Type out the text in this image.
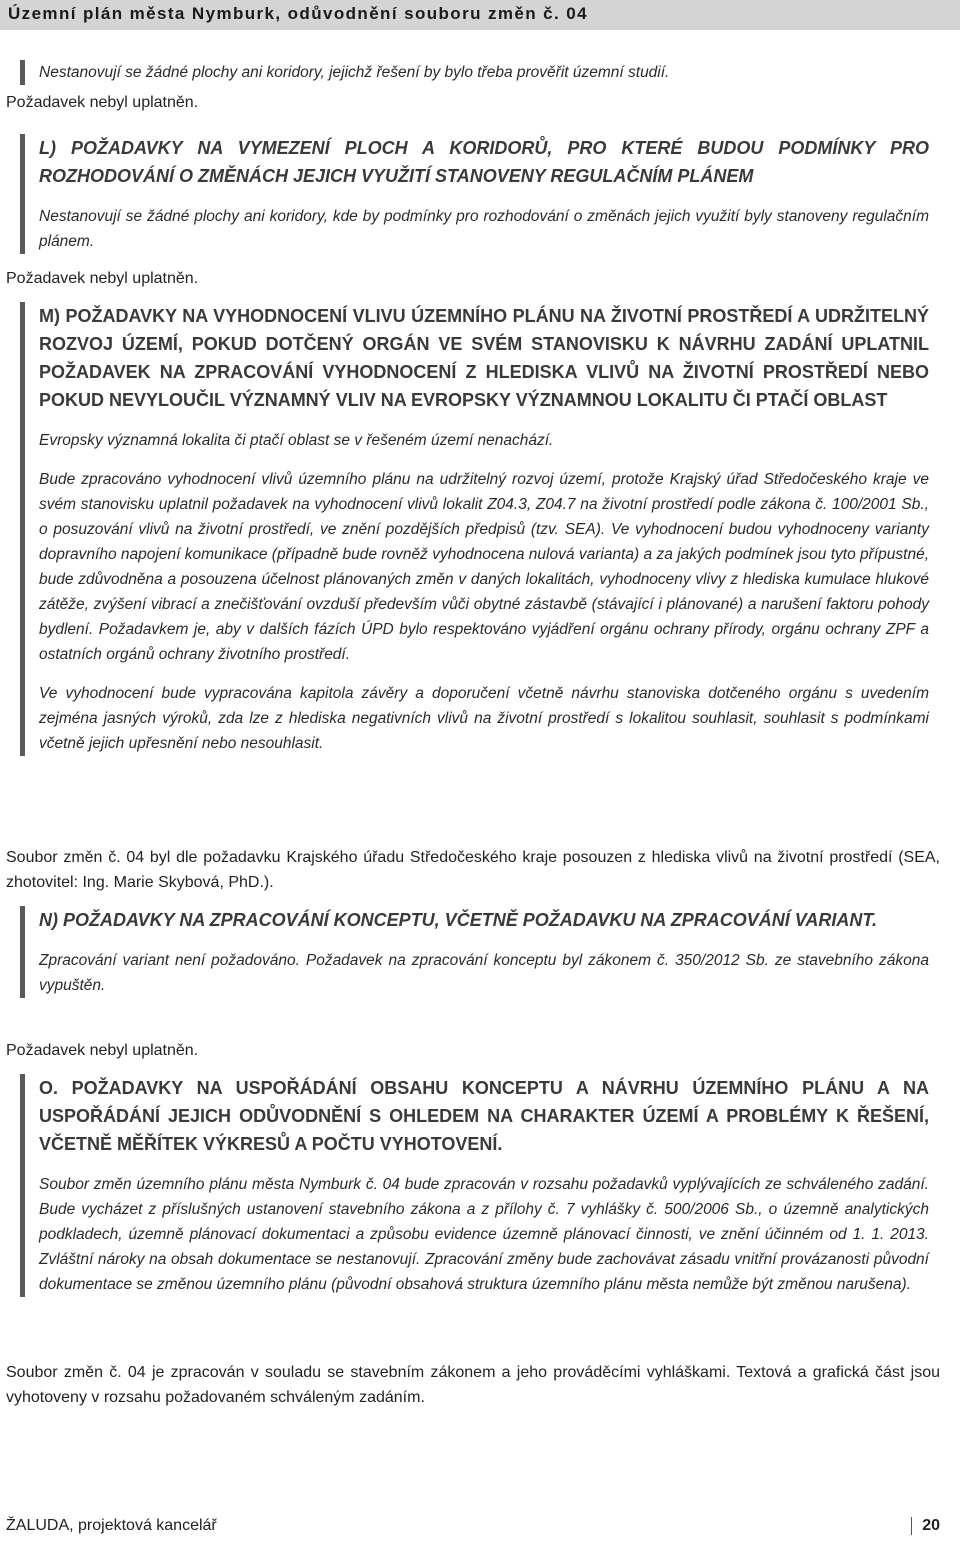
Územní plán města Nymburk, odůvodnění souboru změn č. 04

Nestanovují se žádné plochy ani koridory, jejichž řešení by bylo třeba prověřit územní studií.

Požadavek nebyl uplatněn.

L) POŽADAVKY NA VYMEZENÍ PLOCH A KORIDORŮ, PRO KTERÉ BUDOU PODMÍNKY PRO ROZHODOVÁNÍ O ZMĚNÁCH JEJICH VYUŽITÍ STANOVENY REGULAČNÍM PLÁNEM

Nestanovují se žádné plochy ani koridory, kde by podmínky pro rozhodování o změnách jejich využití byly stanoveny regulačním plánem.

Požadavek nebyl uplatněn.

M) POŽADAVKY NA VYHODNOCENÍ VLIVU ÚZEMNÍHO PLÁNU NA ŽIVOTNÍ PROSTŘEDÍ A UDRŽITELNÝ ROZVOJ ÚZEMÍ, POKUD DOTČENÝ ORGÁN VE SVÉM STANOVISKU K NÁVRHU ZADÁNÍ UPLATNIL POŽADAVEK NA ZPRACOVÁNÍ VYHODNOCENÍ Z HLEDISKA VLIVŮ NA ŽIVOTNÍ PROSTŘEDÍ NEBO POKUD NEVYLOUČIL VÝZNAMNÝ VLIV NA EVROPSKY VÝZNAMNOU LOKALITU ČI PTAČÍ OBLAST

Evropsky významná lokalita či ptačí oblast se v řešeném území nenachází.

Bude zpracováno vyhodnocení vlivů územního plánu na udržitelný rozvoj území, protože Krajský úřad Středočeského kraje ve svém stanovisku uplatnil požadavek na vyhodnocení vlivů lokalit Z04.3, Z04.7 na životní prostředí podle zákona č. 100/2001 Sb., o posuzování vlivů na životní prostředí, ve znění pozdějších předpisů (tzv. SEA). Ve vyhodnocení budou vyhodnoceny varianty dopravního napojení komunikace (případně bude rovněž vyhodnocena nulová varianta) a za jakých podmínek jsou tyto přípustné, bude zdůvodněna a posouzena účelnost plánovaných změn v daných lokalitách, vyhodnoceny vlivy z hlediska kumulace hlukové zátěže, zvýšení vibrací a znečišťování ovzduší především vůči obytné zástavbě (stávající i plánované) a narušení faktoru pohody bydlení. Požadavkem je, aby v dalších fázích ÚPD bylo respektováno vyjádření orgánu ochrany přírody, orgánu ochrany ZPF a ostatních orgánů ochrany životního prostředí.

Ve vyhodnocení bude vypracována kapitola závěry a doporučení včetně návrhu stanoviska dotčeného orgánu s uvedením zejména jasných výroků, zda lze z hlediska negativních vlivů na životní prostředí s lokalitou souhlasit, souhlasit s podmínkami včetně jejich upřesnění nebo nesouhlasit.

Soubor změn č. 04 byl dle požadavku Krajského úřadu Středočeského kraje posouzen z hlediska vlivů na životní prostředí (SEA, zhotovitel: Ing. Marie Skybová, PhD.).

N) POŽADAVKY NA ZPRACOVÁNÍ KONCEPTU, VČETNĚ POŽADAVKU NA ZPRACOVÁNÍ VARIANT.

Zpracování variant není požadováno. Požadavek na zpracování konceptu byl zákonem č. 350/2012 Sb. ze stavebního zákona vypuštěn.

Požadavek nebyl uplatněn.

O. POŽADAVKY NA USPOŘÁDÁNÍ OBSAHU KONCEPTU A NÁVRHU ÚZEMNÍHO PLÁNU A NA USPOŘÁDÁNÍ JEJICH ODŮVODNĚNÍ S OHLEDEM NA CHARAKTER ÚZEMÍ A PROBLÉMY K ŘEŠENÍ, VČETNĚ MĚŘÍTEK VÝKRESŮ A POČTU VYHOTOVENÍ.

Soubor změn územního plánu města Nymburk č. 04 bude zpracován v rozsahu požadavků vyplývajících ze schváleného zadání. Bude vycházet z příslušných ustanovení stavebního zákona a z přílohy č. 7 vyhlášky č. 500/2006 Sb., o územně analytických podkladech, územně plánovací dokumentaci a způsobu evidence územně plánovací činnosti, ve znění účinném od 1. 1. 2013. Zvláštní nároky na obsah dokumentace se nestanovují. Zpracování změny bude zachovávat zásadu vnitřní provázanosti původní dokumentace se změnou územního plánu (původní obsahová struktura územního plánu města nemůže být změnou narušena).

Soubor změn č. 04 je zpracován v souladu se stavebním zákonem a jeho prováděcími vyhláškami. Textová a grafická část jsou vyhotoveny v rozsahu požadovaném schváleným zadáním.

ŽALUDA, projektová kancelář	20
